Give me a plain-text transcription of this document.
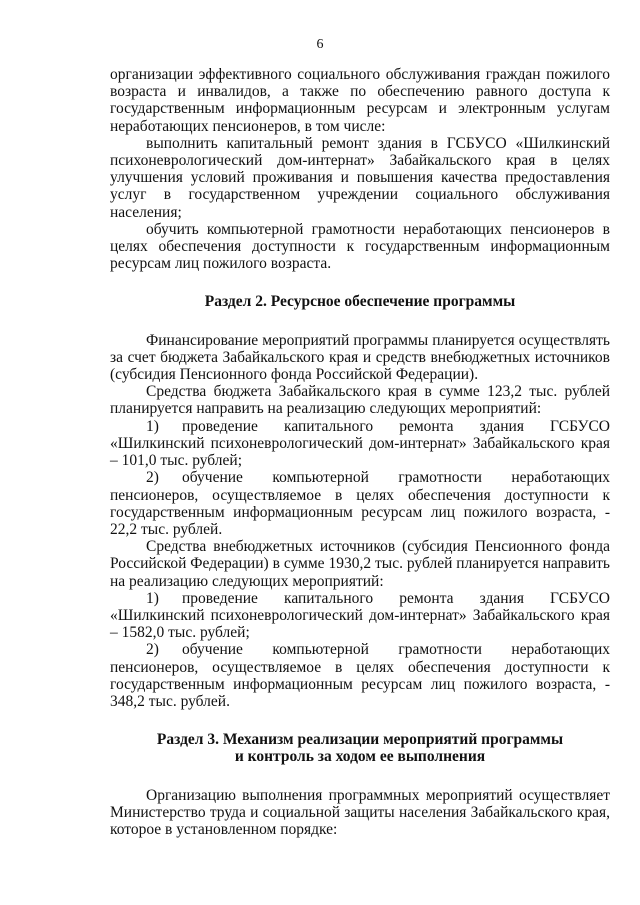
6

организации эффективного социального обслуживания граждан пожилого возраста и инвалидов, а также по обеспечению равного доступа к государственным информационным ресурсам и электронным услугам неработающих пенсионеров, в том числе:

выполнить капитальный ремонт здания в ГСБУСО «Шилкинский психоневрологический дом-интернат» Забайкальского края в целях улучшения условий проживания и повышения качества предоставления услуг в государственном учреждении социального обслуживания населения;

обучить компьютерной грамотности неработающих пенсионеров в целях обеспечения доступности к государственным информационным ресурсам лиц пожилого возраста.

Раздел 2. Ресурсное обеспечение программы

Финансирование мероприятий программы планируется осуществлять за счет бюджета Забайкальского края и средств внебюджетных источников (субсидия Пенсионного фонда Российской Федерации).

Средства бюджета Забайкальского края в сумме 123,2 тыс. рублей планируется направить на реализацию следующих мероприятий:

1)	проведение капитального ремонта здания ГСБУСО «Шилкинский психоневрологический дом-интернат» Забайкальского края – 101,0 тыс. рублей;

2)	обучение компьютерной грамотности неработающих пенсионеров, осуществляемое в целях обеспечения доступности к государственным информационным ресурсам лиц пожилого возраста, - 22,2 тыс. рублей.

Средства внебюджетных источников (субсидия Пенсионного фонда Российской Федерации) в сумме 1930,2 тыс. рублей планируется направить на реализацию следующих мероприятий:

1)	проведение капитального ремонта здания ГСБУСО «Шилкинский психоневрологический дом-интернат» Забайкальского края – 1582,0 тыс. рублей;

2)	обучение компьютерной грамотности неработающих пенсионеров, осуществляемое в целях обеспечения доступности к государственным информационным ресурсам лиц пожилого возраста, - 348,2 тыс. рублей.

Раздел 3. Механизм реализации мероприятий программы

и контроль за ходом ее выполнения

Организацию выполнения программных мероприятий осуществляет Министерство труда и социальной защиты населения Забайкальского края, которое в установленном порядке:
